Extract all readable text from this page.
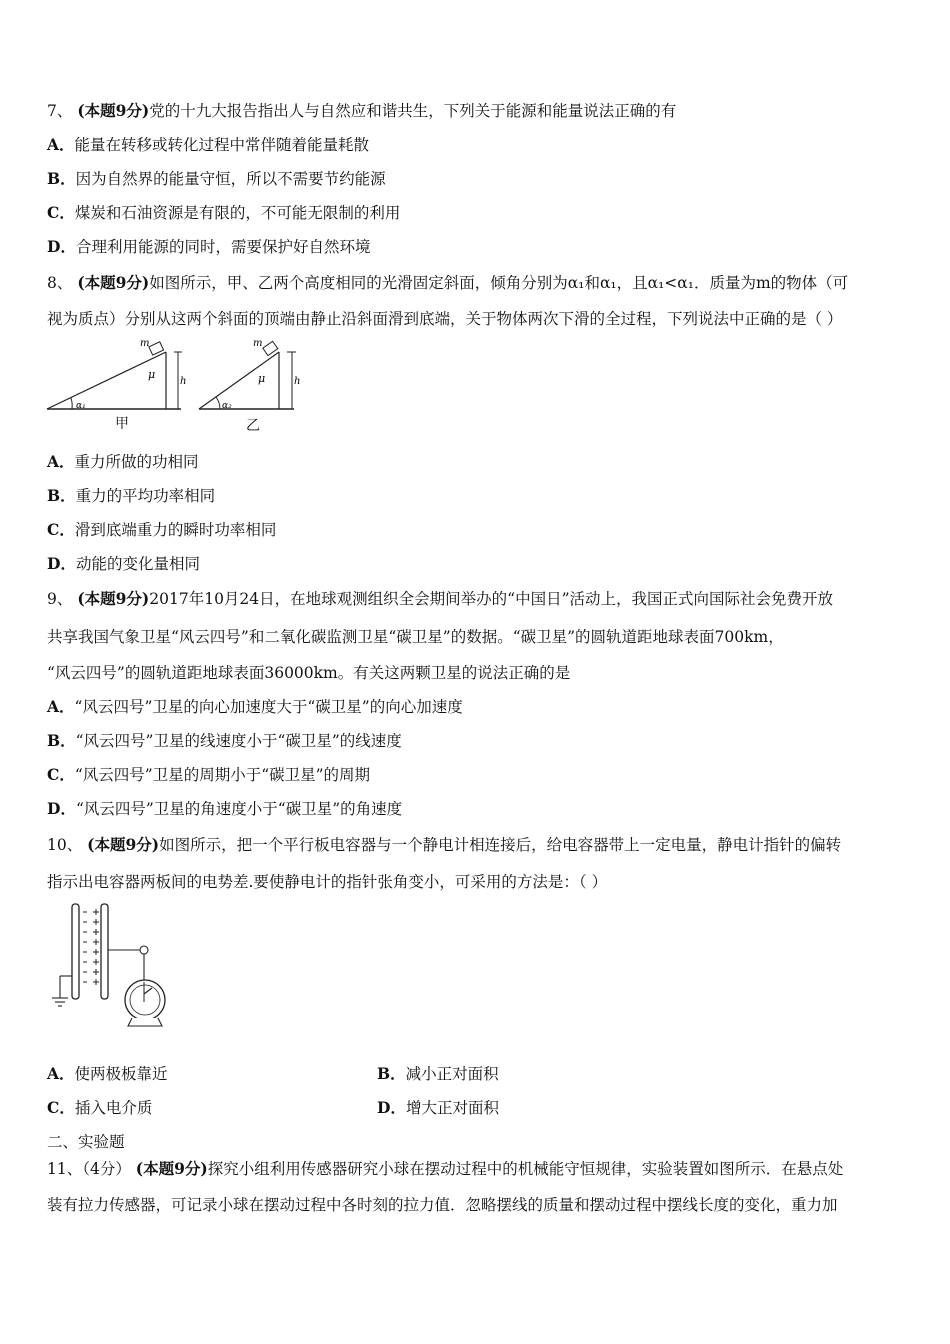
7、 (本题9分)党的十九大报告指出人与自然应和谐共生，下列关于能源和能量说法正确的有
A．能量在转移或转化过程中常伴随着能量耗散
B．因为自然界的能量守恒，所以不需要节约能源
C．煤炭和石油资源是有限的，不可能无限制的利用
D．合理利用能源的同时，需要保护好自然环境
8、 (本题9分)如图所示，甲、乙两个高度相同的光滑固定斜面，倾角分别为α₁和α₁，且α₁<α₁．质量为m的物体（可
视为质点）分别从这两个斜面的顶端由静止沿斜面滑到底端，关于物体两次下滑的全过程，下列说法中正确的是（ ）
m
μ
h
α₁
m
μ	h
α₂
甲	乙
A．重力所做的功相同
B．重力的平均功率相同
C．滑到底端重力的瞬时功率相同
D．动能的变化量相同
9、 (本题9分)2017年10月24日，在地球观测组织全会期间举办的“中国日”活动上，我国正式向国际社会免费开放
共享我国气象卫星“风云四号”和二氧化碳监测卫星“碳卫星”的数据。“碳卫星”的圆轨道距地球表面700km，
“风云四号”的圆轨道距地球表面36000km。有关这两颗卫星的说法正确的是
A．“风云四号”卫星的向心加速度大于“碳卫星”的向心加速度
B．“风云四号”卫星的线速度小于“碳卫星”的线速度
C．“风云四号”卫星的周期小于“碳卫星”的周期
D．“风云四号”卫星的角速度小于“碳卫星”的角速度
10、 (本题9分)如图所示，把一个平行板电容器与一个静电计相连接后，给电容器带上一定电量，静电计指针的偏转
指示出电容器两板间的电势差.要使静电计的指针张角变小，可采用的方法是：（ ）
A．使两极板靠近	B．减小正对面积
C．插入电介质	D．增大正对面积
二、实验题
11、（4分） (本题9分)探究小组利用传感器研究小球在摆动过程中的机械能守恒规律，实验装置如图所示．在悬点处
装有拉力传感器，可记录小球在摆动过程中各时刻的拉力值．忽略摆线的质量和摆动过程中摆线长度的变化，重力加
